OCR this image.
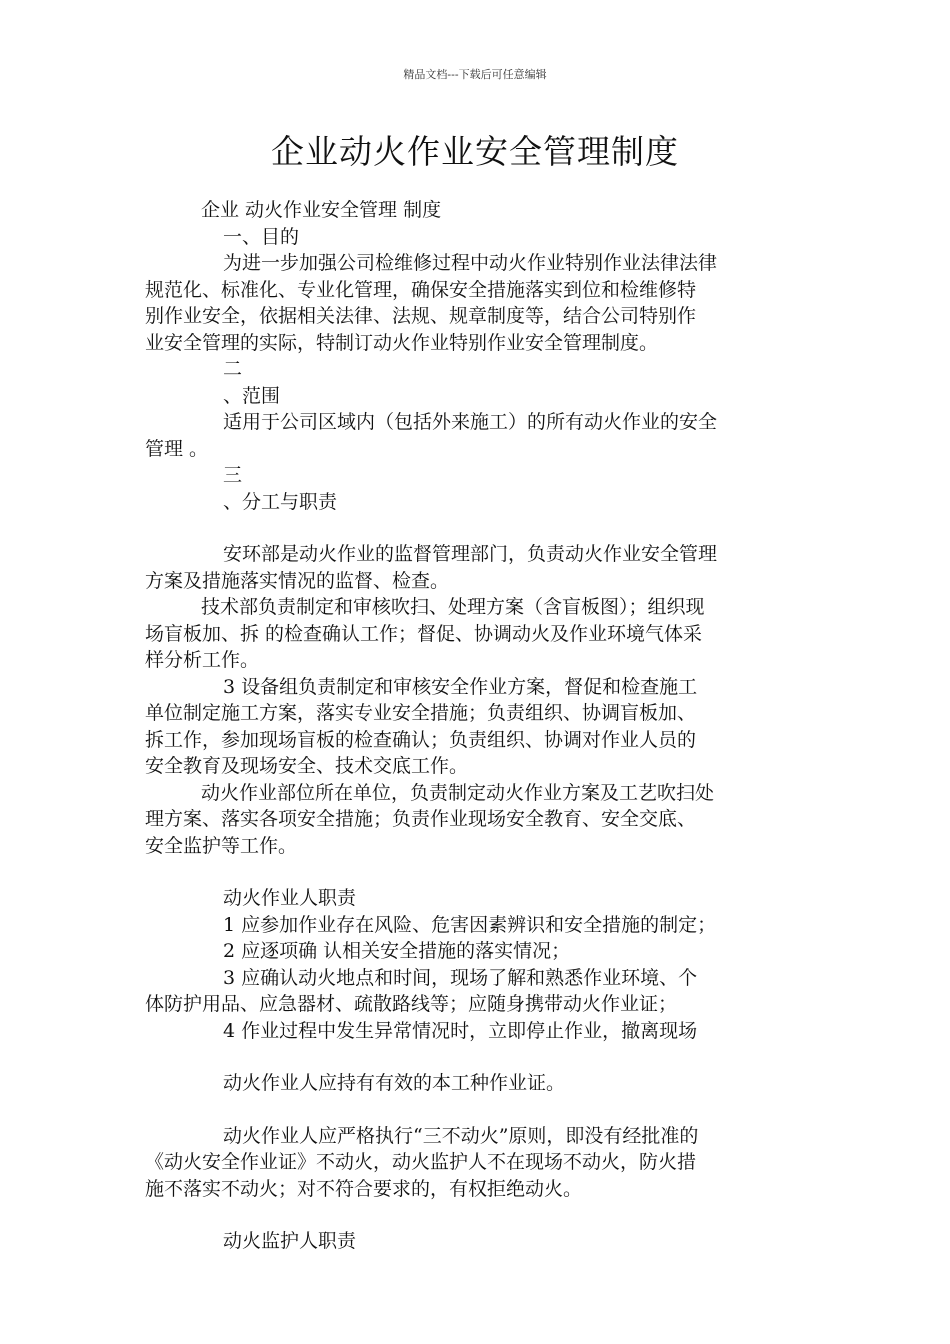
精品文档---下载后可任意编辑
企业动火作业安全管理制度

企业 动火作业安全管理 制度

一、目的

为进一步加强公司检维修过程中动火作业特别作业法律法律

规范化、标准化、专业化管理，确保安全措施落实到位和检维修特

别作业安全，依据相关法律、法规、规章制度等，结合公司特别作

业安全管理的实际，特制订动火作业特别作业安全管理制度。

二

、范围

适用于公司区域内（包括外来施工）的所有动火作业的安全

管理 。

三

、分工与职责

安环部是动火作业的监督管理部门，负责动火作业安全管理

方案及措施落实情况的监督、检查。

技术部负责制定和审核吹扫、处理方案（含盲板图）；组织现

场盲板加、拆 的检查确认工作；督促、协调动火及作业环境气体采

样分析工作。

3 设备组负责制定和审核安全作业方案，督促和检查施工

单位制定施工方案，落实专业安全措施；负责组织、协调盲板加、

拆工作，参加现场盲板的检查确认；负责组织、协调对作业人员的

安全教育及现场安全、技术交底工作。

动火作业部位所在单位，负责制定动火作业方案及工艺吹扫处

理方案、落实各项安全措施；负责作业现场安全教育、安全交底、

安全监护等工作。

动火作业人职责

1 应参加作业存在风险、危害因素辨识和安全措施的制定；

2 应逐项确 认相关安全措施的落实情况；

3 应确认动火地点和时间，现场了解和熟悉作业环境、个

体防护用品、应急器材、疏散路线等；应随身携带动火作业证；

4 作业过程中发生异常情况时，立即停止作业，撤离现场

动火作业人应持有有效的本工种作业证。

动火作业人应严格执行“三不动火”原则，即没有经批准的

《动火安全作业证》不动火，动火监护人不在现场不动火，防火措

施不落实不动火；对不符合要求的，有权拒绝动火。

动火监护人职责
